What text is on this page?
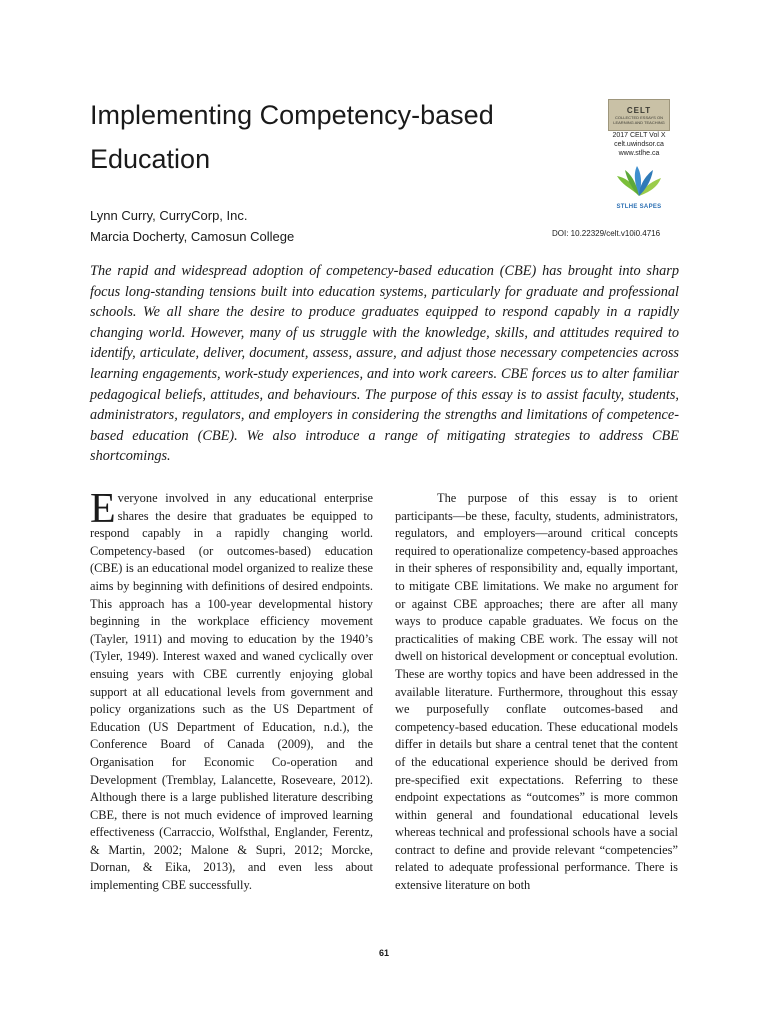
Implementing Competency-based Education
CELT
COLLECTED ESSAYS ON LEARNING AND TEACHING
2017 CELT Vol X
celt.uwindsor.ca
www.stlhe.ca
STLHE SAPES
Lynn Curry, CurryCorp, Inc.
Marcia Docherty, Camosun College	DOI: 10.22329/celt.v10i0.4716

The rapid and widespread adoption of competency-based education (CBE) has brought into sharp focus long-standing tensions built into education systems, particularly for graduate and professional schools. We all share the desire to produce graduates equipped to respond capably in a rapidly changing world. However, many of us struggle with the knowledge, skills, and attitudes required to identify, articulate, deliver, document, assess, assure, and adjust those necessary competencies across learning engagements, work-study experiences, and into work careers. CBE forces us to alter familiar pedagogical beliefs, attitudes, and behaviours. The purpose of this essay is to assist faculty, students, administrators, regulators, and employers in considering the strengths and limitations of competence-based education (CBE). We also introduce a range of mitigating strategies to address CBE shortcomings.

Everyone involved in any educational enterprise shares the desire that graduates be equipped to respond capably in a rapidly changing world. Competency-based (or outcomes-based) education (CBE) is an educational model organized to realize these aims by beginning with definitions of desired endpoints. This approach has a 100-year developmental history beginning in the workplace efficiency movement (Tayler, 1911) and moving to education by the 1940’s (Tyler, 1949). Interest waxed and waned cyclically over ensuing years with CBE currently enjoying global support at all educational levels from government and policy organizations such as the US Department of Education (US Department of Education, n.d.), the Conference Board of Canada (2009), and the Organisation for Economic Co-operation and Development (Tremblay, Lalancette, Roseveare, 2012). Although there is a large published literature describing CBE, there is not much evidence of improved learning effectiveness (Carraccio, Wolfsthal, Englander, Ferentz, & Martin, 2002; Malone & Supri, 2012; Morcke, Dornan, & Eika, 2013), and even less about implementing CBE successfully.

The purpose of this essay is to orient participants—be these, faculty, students, administrators, regulators, and employers—around critical concepts required to operationalize competency-based approaches in their spheres of responsibility and, equally important, to mitigate CBE limitations. We make no argument for or against CBE approaches; there are after all many ways to produce capable graduates. We focus on the practicalities of making CBE work. The essay will not dwell on historical development or conceptual evolution. These are worthy topics and have been addressed in the available literature. Furthermore, throughout this essay we purposefully conflate outcomes-based and competency-based education. These educational models differ in details but share a central tenet that the content of the educational experience should be derived from pre-specified exit expectations. Referring to these endpoint expectations as “outcomes” is more common within general and foundational educational levels whereas technical and professional schools have a social contract to define and provide relevant “competencies” related to adequate professional performance. There is extensive literature on both

61
